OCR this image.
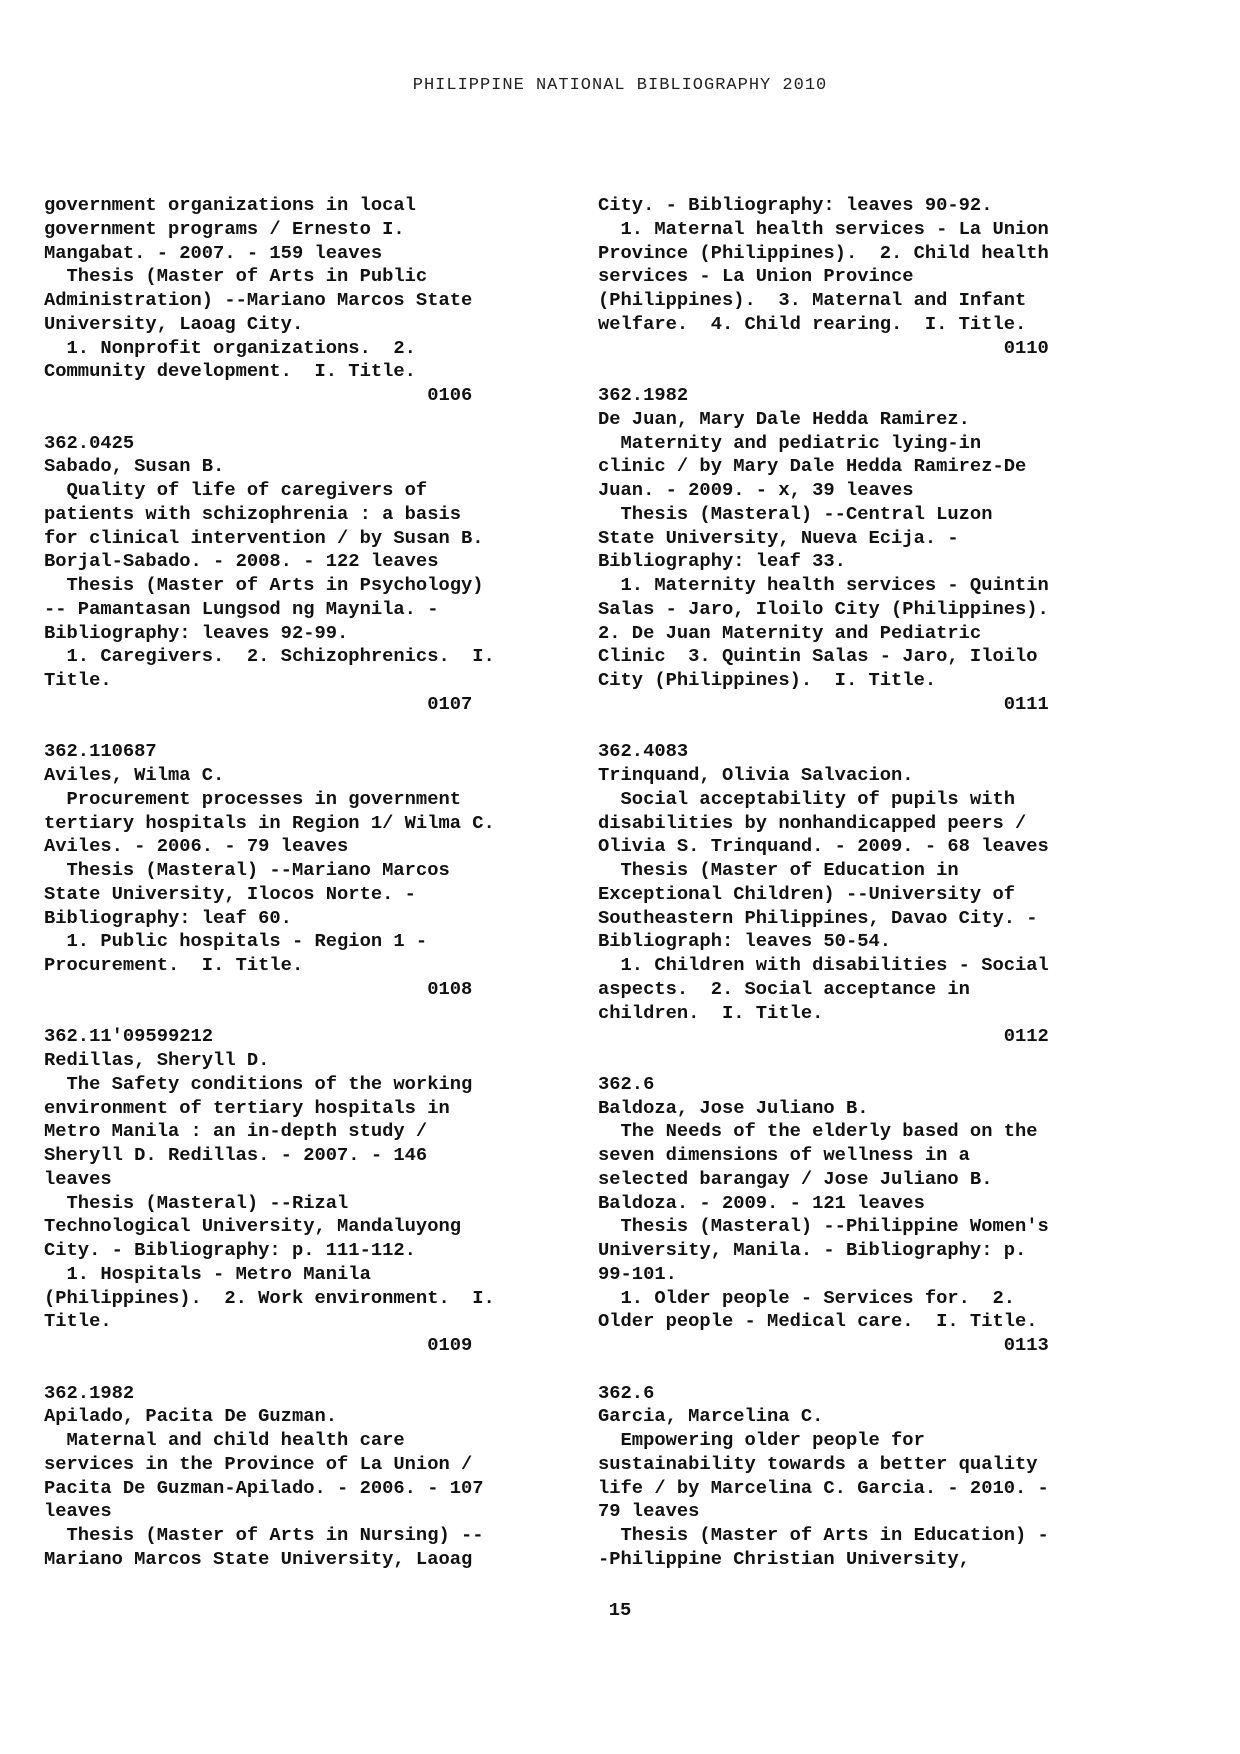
PHILIPPINE NATIONAL BIBLIOGRAPHY 2010
government organizations in local
government programs / Ernesto I.
Mangabat. - 2007. - 159 leaves
Thesis (Master of Arts in Public
Administration) --Mariano Marcos State
University, Laoag City.
1. Nonprofit organizations.  2.
Community development.  I. Title.
0106
362.0425
Sabado, Susan B.
Quality of life of caregivers of
patients with schizophrenia : a basis
for clinical intervention / by Susan B.
Borjal-Sabado. - 2008. - 122 leaves
Thesis (Master of Arts in Psychology)
-- Pamantasan Lungsod ng Maynila. -
Bibliography: leaves 92-99.
1. Caregivers.  2. Schizophrenics.  I.
Title.
0107
362.110687
Aviles, Wilma C.
Procurement processes in government
tertiary hospitals in Region 1/ Wilma C.
Aviles. - 2006. - 79 leaves
Thesis (Masteral) --Mariano Marcos
State University, Ilocos Norte. -
Bibliography: leaf 60.
1. Public hospitals - Region 1 -
Procurement.  I. Title.
0108
362.11'09599212
Redillas, Sheryll D.
The Safety conditions of the working
environment of tertiary hospitals in
Metro Manila : an in-depth study /
Sheryll D. Redillas. - 2007. - 146
leaves
Thesis (Masteral) --Rizal
Technological University, Mandaluyong
City. - Bibliography: p. 111-112.
1. Hospitals - Metro Manila
(Philippines).  2. Work environment.  I.
Title.
0109
362.1982
Apilado, Pacita De Guzman.
Maternal and child health care
services in the Province of La Union /
Pacita De Guzman-Apilado. - 2006. - 107
leaves
Thesis (Master of Arts in Nursing) --
Mariano Marcos State University, Laoag
City. - Bibliography: leaves 90-92.
1. Maternal health services - La Union
Province (Philippines).  2. Child health
services - La Union Province
(Philippines).  3. Maternal and Infant
welfare.  4. Child rearing.  I. Title.
0110
362.1982
De Juan, Mary Dale Hedda Ramirez.
Maternity and pediatric lying-in
clinic / by Mary Dale Hedda Ramirez-De
Juan. - 2009. - x, 39 leaves
Thesis (Masteral) --Central Luzon
State University, Nueva Ecija. -
Bibliography: leaf 33.
1. Maternity health services - Quintin
Salas - Jaro, Iloilo City (Philippines).
2. De Juan Maternity and Pediatric
Clinic  3. Quintin Salas - Jaro, Iloilo
City (Philippines).  I. Title.
0111
362.4083
Trinquand, Olivia Salvacion.
Social acceptability of pupils with
disabilities by nonhandicapped peers /
Olivia S. Trinquand. - 2009. - 68 leaves
Thesis (Master of Education in
Exceptional Children) --University of
Southeastern Philippines, Davao City. -
Bibliograph: leaves 50-54.
1. Children with disabilities - Social
aspects.  2. Social acceptance in
children.  I. Title.
0112
362.6
Baldoza, Jose Juliano B.
The Needs of the elderly based on the
seven dimensions of wellness in a
selected barangay / Jose Juliano B.
Baldoza. - 2009. - 121 leaves
Thesis (Masteral) --Philippine Women's
University, Manila. - Bibliography: p.
99-101.
1. Older people - Services for.  2.
Older people - Medical care.  I. Title.
0113
362.6
Garcia, Marcelina C.
Empowering older people for
sustainability towards a better quality
life / by Marcelina C. Garcia. - 2010. -
79 leaves
Thesis (Master of Arts in Education) -
-Philippine Christian University,
15
